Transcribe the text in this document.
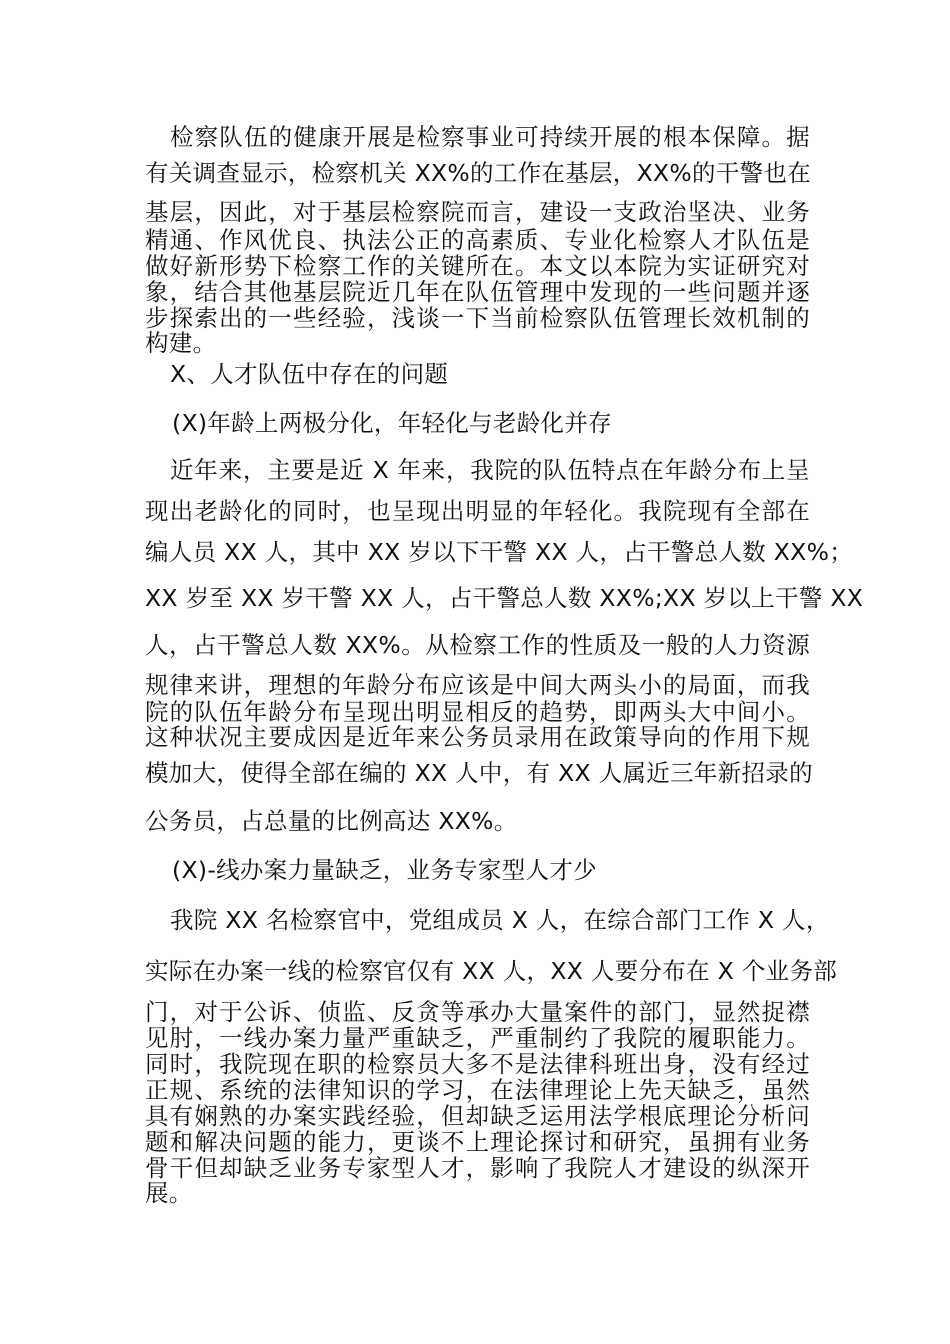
检察队伍的健康开展是检察事业可持续开展的根本保障。据
有关调查显示，检察机关 XX%的工作在基层，XX%的干警也在
基层，因此，对于基层检察院而言，建设一支政治坚决、业务
精通、作风优良、执法公正的高素质、专业化检察人才队伍是
做好新形势下检察工作的关键所在。本文以本院为实证研究对
象，结合其他基层院近几年在队伍管理中发现的一些问题并逐
步探索出的一些经验，浅谈一下当前检察队伍管理长效机制的
构建。
X、人才队伍中存在的问题
(X)年龄上两极分化，年轻化与老龄化并存
近年来，主要是近 X 年来，我院的队伍特点在年龄分布上呈
现出老龄化的同时，也呈现出明显的年轻化。我院现有全部在
编人员 XX 人，其中 XX 岁以下干警 XX 人，占干警总人数 XX%；
XX 岁至 XX 岁干警 XX 人，占干警总人数 XX%;XX 岁以上干警 XX
人，占干警总人数 XX%。从检察工作的性质及一般的人力资源
规律来讲，理想的年龄分布应该是中间大两头小的局面，而我
院的队伍年龄分布呈现出明显相反的趋势，即两头大中间小。
这种状况主要成因是近年来公务员录用在政策导向的作用下规
模加大，使得全部在编的 XX 人中，有 XX 人属近三年新招录的
公务员，占总量的比例高达 XX%。
(X)-线办案力量缺乏，业务专家型人才少
我院 XX 名检察官中，党组成员 X 人，在综合部门工作 X 人，
实际在办案一线的检察官仅有 XX 人，XX 人要分布在 X 个业务部
门，对于公诉、侦监、反贪等承办大量案件的部门，显然捉襟
见肘，一线办案力量严重缺乏，严重制约了我院的履职能力。
同时，我院现在职的检察员大多不是法律科班出身，没有经过
正规、系统的法律知识的学习，在法律理论上先天缺乏，虽然
具有娴熟的办案实践经验，但却缺乏运用法学根底理论分析问
题和解决问题的能力，更谈不上理论探讨和研究，虽拥有业务
骨干但却缺乏业务专家型人才，影响了我院人才建设的纵深开
展。
